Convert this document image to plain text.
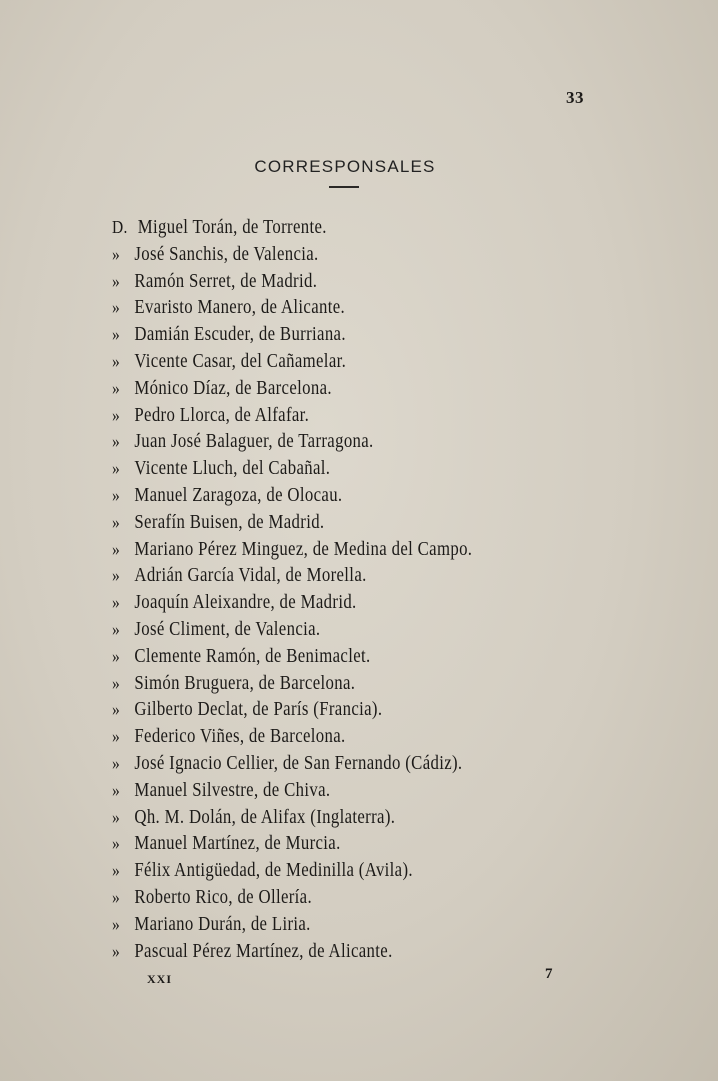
33
CORRESPONSALES
D. Miguel Torán, de Torrente.
» José Sanchis, de Valencia.
» Ramón Serret, de Madrid.
» Evaristo Manero, de Alicante.
» Damián Escuder, de Burriana.
» Vicente Casar, del Cañamelar.
» Mónico Díaz, de Barcelona.
» Pedro Llorca, de Alfafar.
» Juan José Balaguer, de Tarragona.
» Vicente Lluch, del Cabañal.
» Manuel Zaragoza, de Olocau.
» Serafín Buisen, de Madrid.
» Mariano Pérez Minguez, de Medina del Campo.
» Adrián García Vidal, de Morella.
» Joaquín Aleixandre, de Madrid.
» José Climent, de Valencia.
» Clemente Ramón, de Benimaclet.
» Simón Bruguera, de Barcelona.
» Gilberto Declat, de París (Francia).
» Federico Viñes, de Barcelona.
» José Ignacio Cellier, de San Fernando (Cádiz).
» Manuel Silvestre, de Chiva.
» Qh. M. Dolán, de Alifax (Inglaterra).
» Manuel Martínez, de Murcia.
» Félix Antigüedad, de Medinilla (Avila).
» Roberto Rico, de Ollería.
» Mariano Durán, de Liria.
» Pascual Pérez Martínez, de Alicante.
XXI	7
